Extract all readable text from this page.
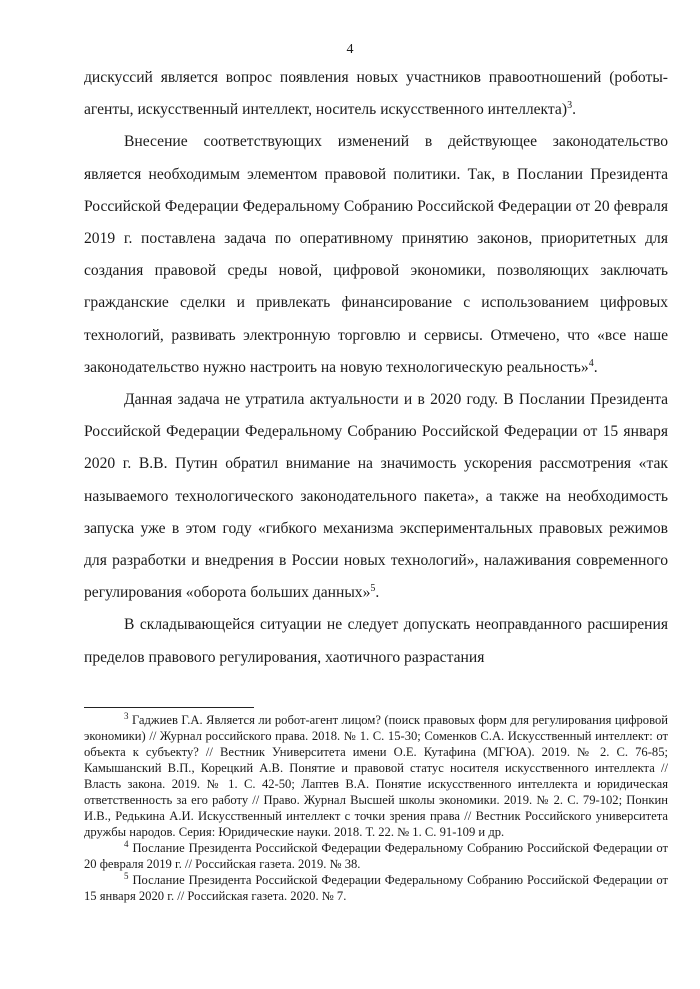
4

дискуссий является вопрос появления новых участников правоотношений (роботы-агенты, искусственный интеллект, носитель искусственного интеллекта)$^3$.

Внесение соответствующих изменений в действующее законодательство является необходимым элементом правовой политики. Так, в Послании Президента Российской Федерации Федеральному Собранию Российской Федерации от 20 февраля 2019 г. поставлена задача по оперативному принятию законов, приоритетных для создания правовой среды новой, цифровой экономики, позволяющих заключать гражданские сделки и привлекать финансирование с использованием цифровых технологий, развивать электронную торговлю и сервисы. Отмечено, что «все наше законодательство нужно настроить на новую технологическую реальность»$^4$.

Данная задача не утратила актуальности и в 2020 году. В Послании Президента Российской Федерации Федеральному Собранию Российской Федерации от 15 января 2020 г. В.В. Путин обратил внимание на значимость ускорения рассмотрения «так называемого технологического законодательного пакета», а также на необходимость запуска уже в этом году «гибкого механизма экспериментальных правовых режимов для разработки и внедрения в России новых технологий», налаживания современного регулирования «оборота больших данных»$^5$.

В складывающейся ситуации не следует допускать неоправданного расширения пределов правового регулирования, хаотичного разрастания

$^3$ Гаджиев Г.А. Является ли робот-агент лицом? (поиск правовых форм для регулирования цифровой экономики) // Журнал российского права. 2018. № 1. С. 15-30; Соменков С.А. Искусственный интеллект: от объекта к субъекту? // Вестник Университета имени О.Е. Кутафина (МГЮА). 2019. № 2. С. 76-85; Камышанский В.П., Корецкий А.В. Понятие и правовой статус носителя искусственного интеллекта // Власть закона. 2019. № 1. С. 42-50; Лаптев В.А. Понятие искусственного интеллекта и юридическая ответственность за его работу // Право. Журнал Высшей школы экономики. 2019. № 2. С. 79-102; Понкин И.В., Редькина А.И. Искусственный интеллект с точки зрения права // Вестник Российского университета дружбы народов. Серия: Юридические науки. 2018. Т. 22. № 1. С. 91-109 и др.

$^4$ Послание Президента Российской Федерации Федеральному Собранию Российской Федерации от 20 февраля 2019 г. // Российская газета. 2019. № 38.

$^5$ Послание Президента Российской Федерации Федеральному Собранию Российской Федерации от 15 января 2020 г. // Российская газета. 2020. № 7.
